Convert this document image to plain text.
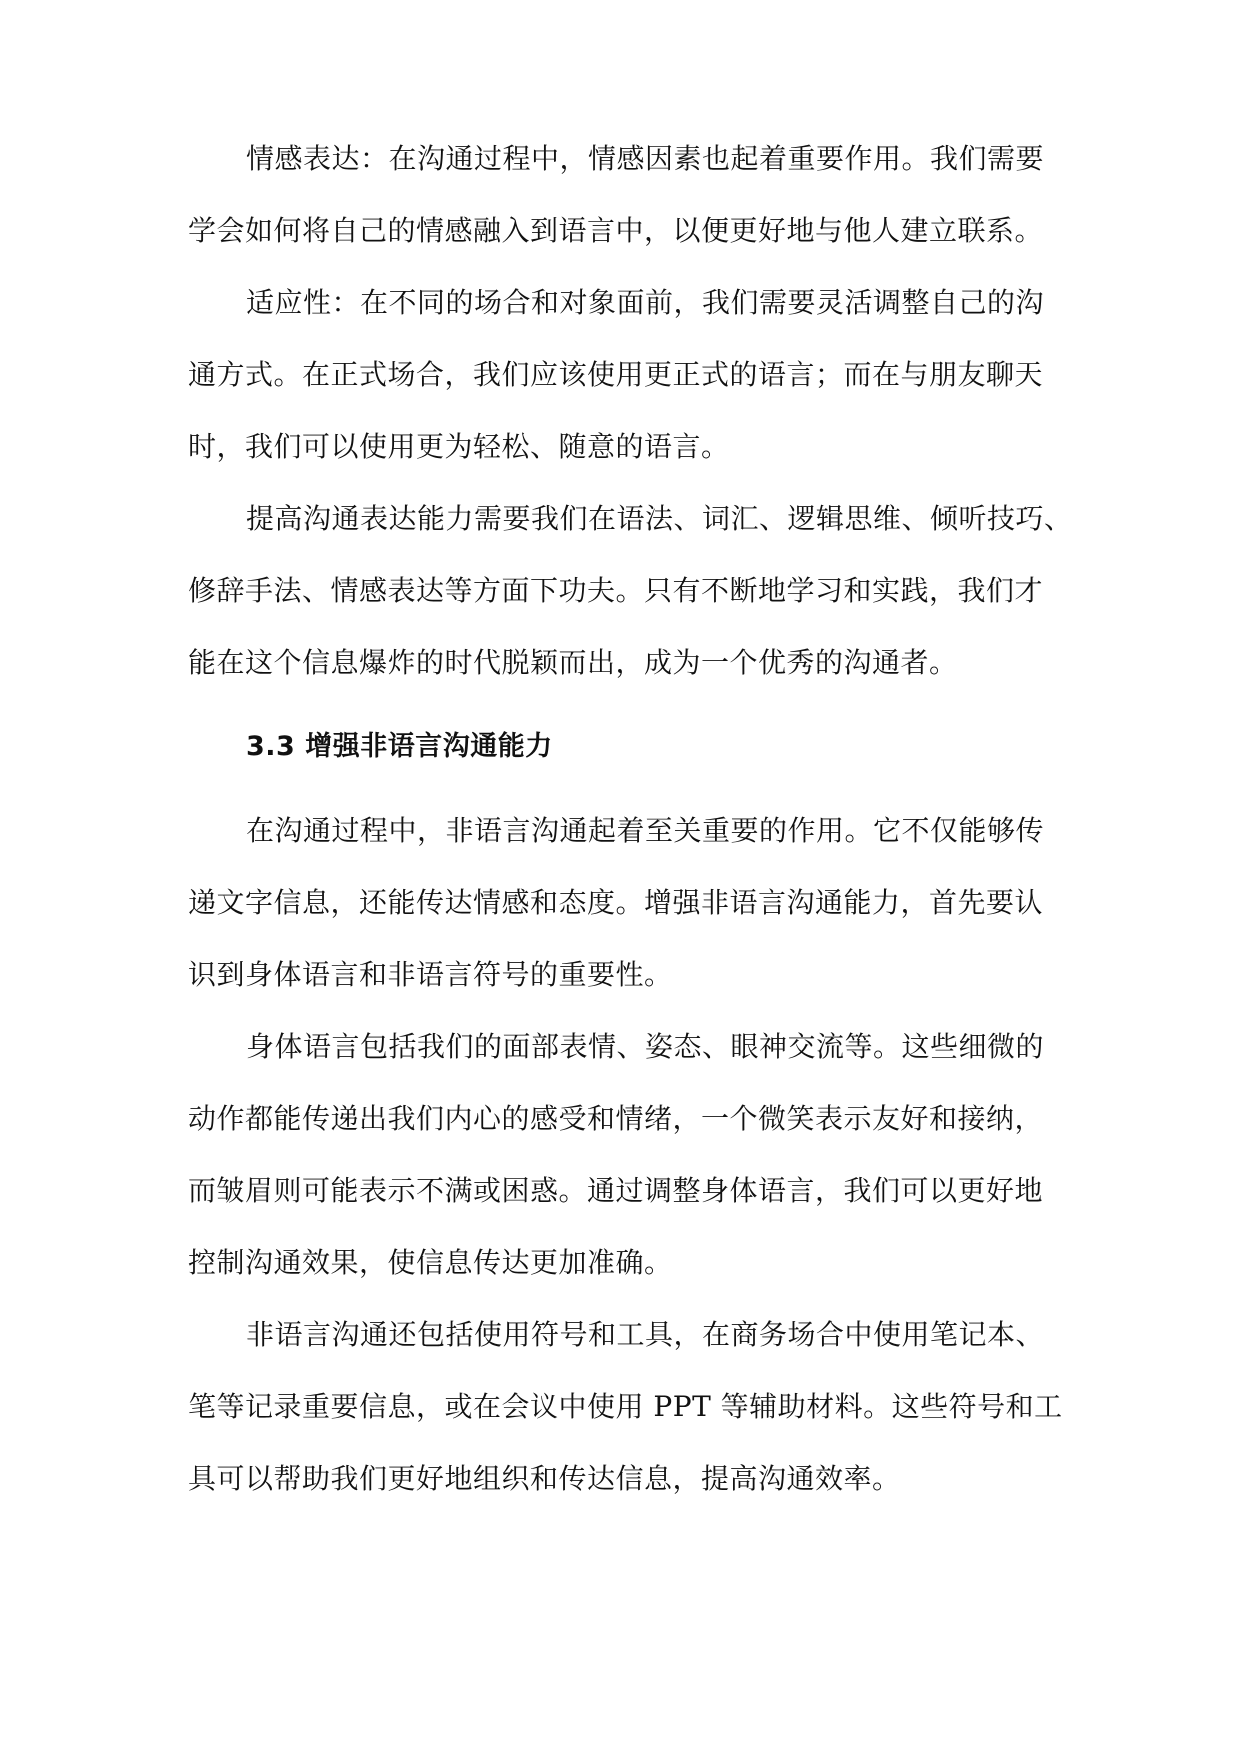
情感表达：在沟通过程中，情感因素也起着重要作用。我们需要
学会如何将自己的情感融入到语言中，以便更好地与他人建立联系。
适应性：在不同的场合和对象面前，我们需要灵活调整自己的沟
通方式。在正式场合，我们应该使用更正式的语言；而在与朋友聊天
时，我们可以使用更为轻松、随意的语言。
提高沟通表达能力需要我们在语法、词汇、逻辑思维、倾听技巧、
修辞手法、情感表达等方面下功夫。只有不断地学习和实践，我们才
能在这个信息爆炸的时代脱颖而出，成为一个优秀的沟通者。
3.3 增强非语言沟通能力
在沟通过程中，非语言沟通起着至关重要的作用。它不仅能够传
递文字信息，还能传达情感和态度。增强非语言沟通能力，首先要认
识到身体语言和非语言符号的重要性。
身体语言包括我们的面部表情、姿态、眼神交流等。这些细微的
动作都能传递出我们内心的感受和情绪，一个微笑表示友好和接纳，
而皱眉则可能表示不满或困惑。通过调整身体语言，我们可以更好地
控制沟通效果，使信息传达更加准确。
非语言沟通还包括使用符号和工具，在商务场合中使用笔记本、
笔等记录重要信息，或在会议中使用 PPT 等辅助材料。这些符号和工
具可以帮助我们更好地组织和传达信息，提高沟通效率。
